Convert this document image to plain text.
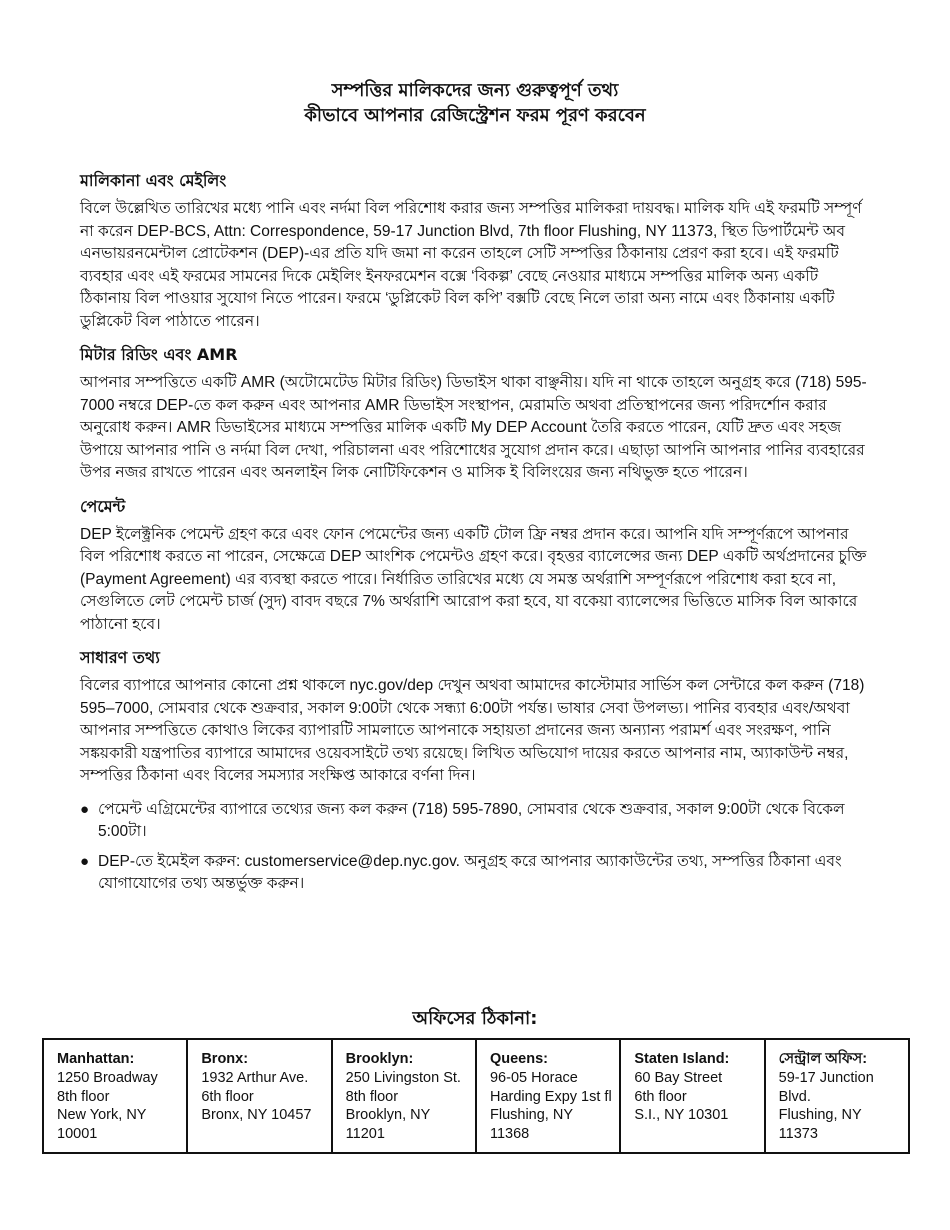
সম্পত্তির মালিকদের জন্য গুরুত্বপূর্ণ তথ্য
কীভাবে আপনার রেজিস্ট্রেশন ফরম পূরণ করবেন
মালিকানা এবং মেইলিং
বিলে উল্লেখিত তারিখের মধ্যে পানি এবং নর্দমা বিল পরিশোধ করার জন্য সম্পত্তির মালিকরা দায়বদ্ধ। মালিক যদি এই ফরমটি সম্পূর্ণ না করেন DEP-BCS, Attn: Correspondence, 59-17 Junction Blvd, 7th floor Flushing, NY 11373, স্থিত ডিপার্টমেন্ট অব এনভায়রনমেন্টাল প্রোটেকশন (DEP)-এর প্রতি যদি জমা না করেন তাহলে সেটি সম্পত্তির ঠিকানায় প্রেরণ করা হবে। এই ফরমটি ব্যবহার এবং এই ফরমের সামনের দিকে মেইলিং ইনফরমেশন বক্সে ‘বিকল্প’ বেছে নেওয়ার মাধ্যমে সম্পত্তির মালিক অন্য একটি ঠিকানায় বিল পাওয়ার সুযোগ নিতে পারেন। ফরমে ‘ডুপ্লিকেট বিল কপি’ বক্সটি বেছে নিলে তারা অন্য নামে এবং ঠিকানায় একটি ডুপ্লিকেট বিল পাঠাতে পারেন।
মিটার রিডিং এবং AMR
আপনার সম্পত্তিতে একটি AMR (অটোমেটেড মিটার রিডিং) ডিভাইস থাকা বাঞ্ছনীয়। যদি না থাকে তাহলে অনুগ্রহ করে (718) 595-7000 নম্বরে DEP-তে কল করুন এবং আপনার AMR ডিভাইস সংস্থাপন, মেরামতি অথবা প্রতিস্থাপনের জন্য পরিদর্শোন করার অনুরোধ করুন। AMR ডিভাইসের মাধ্যমে সম্পত্তির মালিক একটি My DEP Account তৈরি করতে পারেন, যেটি দ্রুত এবং সহজ উপায়ে আপনার পানি ও নর্দমা বিল দেখা, পরিচালনা এবং পরিশোধের সুযোগ প্রদান করে। এছাড়া আপনি আপনার পানির ব্যবহারের উপর নজর রাখতে পারেন এবং অনলাইন লিক নোটিফিকেশন ও মাসিক ই বিলিংয়ের জন্য নথিভুক্ত হতে পারেন।
পেমেন্ট
DEP ইলেক্ট্রনিক পেমেন্ট গ্রহণ করে এবং ফোন পেমেন্টের জন্য একটি টোল ফ্রি নম্বর প্রদান করে। আপনি যদি সম্পূর্ণরূপে আপনার বিল পরিশোধ করতে না পারেন, সেক্ষেত্রে DEP আংশিক পেমেন্টও গ্রহণ করে। বৃহত্তর ব্যালেন্সের জন্য DEP একটি অর্থপ্রদানের চুক্তি (Payment Agreement) এর ব্যবস্থা করতে পারে। নির্ধারিত তারিখের মধ্যে যে সমস্ত অর্থরাশি সম্পূর্ণরূপে পরিশোধ করা হবে না, সেগুলিতে লেট পেমেন্ট চার্জ (সুদ) বাবদ বছরে 7% অর্থরাশি আরোপ করা হবে, যা বকেয়া ব্যালেন্সের ভিত্তিতে মাসিক বিল আকারে পাঠানো হবে।
সাধারণ তথ্য
বিলের ব্যাপারে আপনার কোনো প্রশ্ন থাকলে nyc.gov/dep দেখুন অথবা আমাদের কাস্টোমার সার্ভিস কল সেন্টারে কল করুন (718) 595–7000, সোমবার থেকে শুক্রবার, সকাল 9:00টা থেকে সন্ধ্যা 6:00টা পর্যন্ত। ভাষার সেবা উপলভ্য। পানির ব্যবহার এবং/অথবা আপনার সম্পত্তিতে কোথাও লিকের ব্যাপারটি সামলাতে আপনাকে সহায়তা প্রদানের জন্য অন্যান্য পরামর্শ এবং সংরক্ষণ, পানি সঙ্কয়কারী যন্ত্রপাতির ব্যাপারে আমাদের ওয়েবসাইটে তথ্য রয়েছে। লিখিত অভিযোগ দায়ের করতে আপনার নাম, অ্যাকাউন্ট নম্বর, সম্পত্তির ঠিকানা এবং বিলের সমস্যার সংক্ষিপ্ত আকারে বর্ণনা দিন।
● পেমেন্ট এগ্রিমেন্টের ব্যাপারে তথ্যের জন্য কল করুন (718) 595-7890, সোমবার থেকে শুক্রবার, সকাল 9:00টা থেকে বিকেল 5:00টা।
● DEP-তে ইমেইল করুন: customerservice@dep.nyc.gov. অনুগ্রহ করে আপনার অ্যাকাউন্টের তথ্য, সম্পত্তির ঠিকানা এবং যোগাযোগের তথ্য অন্তর্ভুক্ত করুন।
অফিসের ঠিকানা:
Manhattan:
1250 Broadway
8th floor
New York, NY
10001
Bronx:
1932 Arthur Ave.
6th floor
Bronx, NY 10457
Brooklyn:
250 Livingston St.
8th floor
Brooklyn, NY
11201
Queens:
96-05 Horace
Harding Expy 1st fl
Flushing, NY
11368
Staten Island:
60 Bay Street
6th floor
S.I., NY 10301
সেন্ট্রাল অফিস:
59-17 Junction
Blvd.
Flushing, NY
11373
